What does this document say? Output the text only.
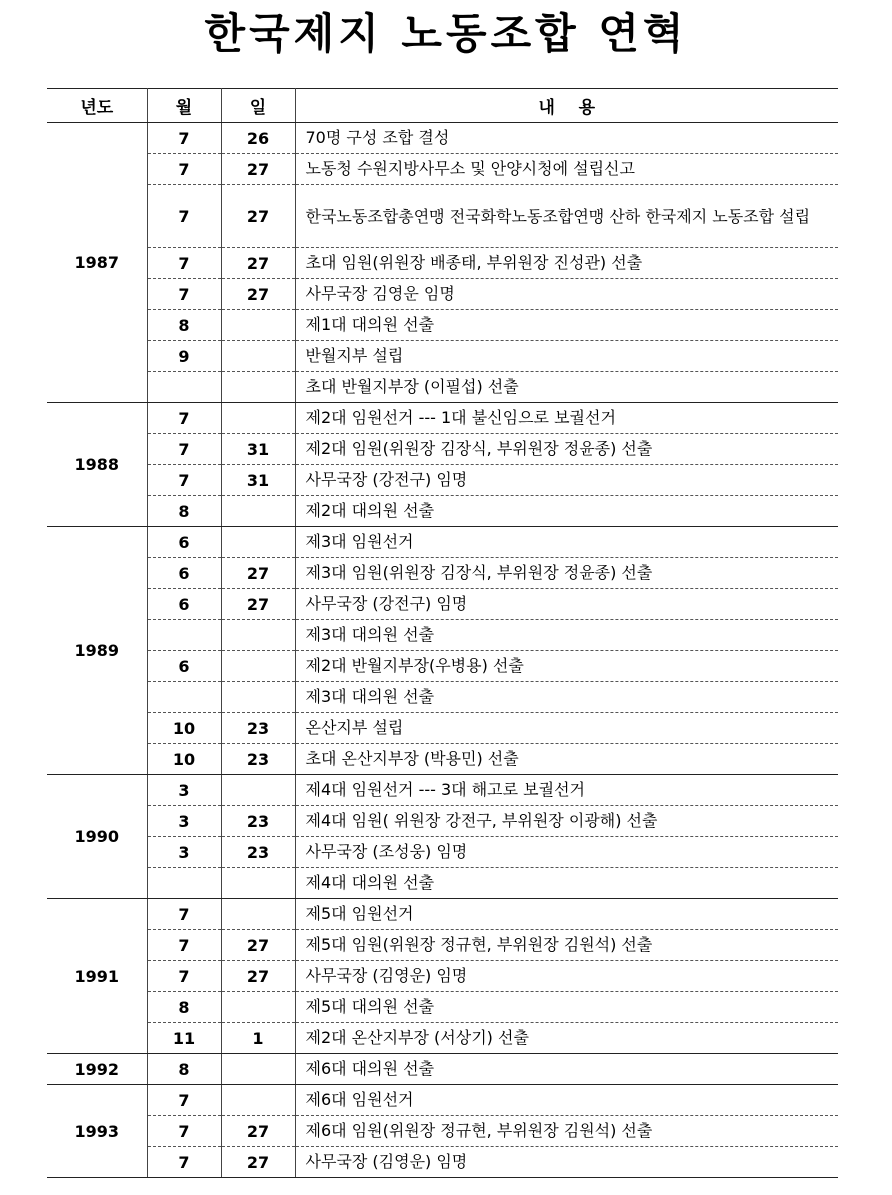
한국제지 노동조합 연혁
년도	월	일	내    용
1987	7	26	70명 구성 조합 결성
	7	27	노동청 수원지방사무소 및 안양시청에 설립신고
	7	27	한국노동조합총연맹 전국화학노동조합연맹 산하 한국제지 노동조합 설립
	7	27	초대 임원(위원장 배종태, 부위원장 진성관) 선출
	7	27	사무국장 김영운 임명
	8		제1대 대의원 선출
	9		반월지부 설립
			초대 반월지부장 (이필섭) 선출
1988	7		제2대 임원선거 --- 1대 불신임으로 보궐선거
	7	31	제2대 임원(위원장 김장식, 부위원장 정윤종) 선출
	7	31	사무국장 (강전구) 임명
	8		제2대 대의원 선출
1989	6		제3대 임원선거
	6	27	제3대 임원(위원장 김장식, 부위원장 정윤종) 선출
	6	27	사무국장 (강전구) 임명
			제3대 대의원 선출
	6		제2대 반월지부장(우병용) 선출
			제3대 대의원 선출
	10	23	온산지부 설립
	10	23	초대 온산지부장 (박용민) 선출
1990	3		제4대 임원선거 --- 3대 해고로 보궐선거
	3	23	제4대 임원( 위원장 강전구, 부위원장 이광해) 선출
	3	23	사무국장 (조성웅) 임명
			제4대 대의원 선출
1991	7		제5대 임원선거
	7	27	제5대 임원(위원장 정규현, 부위원장 김원석) 선출
	7	27	사무국장 (김영운) 임명
	8		제5대 대의원 선출
	11	1	제2대 온산지부장 (서상기) 선출
1992	8		제6대 대의원 선출
1993	7		제6대 임원선거
	7	27	제6대 임원(위원장 정규현, 부위원장 김원석) 선출
	7	27	사무국장 (김영운) 임명
